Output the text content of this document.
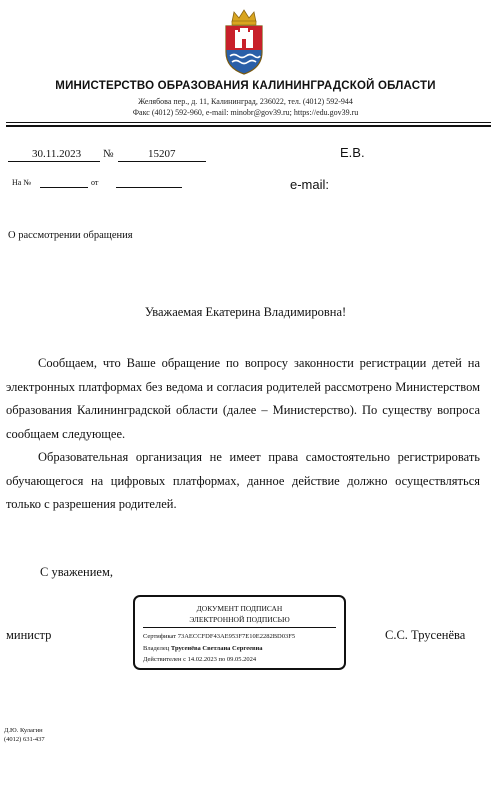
МИНИСТЕРСТВО ОБРАЗОВАНИЯ КАЛИНИНГРАДСКОЙ ОБЛАСТИ
Желябова пер., д. 11, Калининград, 236022, тел. (4012) 592-944
Факс (4012) 592-960, e-mail: minobr@gov39.ru; https://edu.gov39.ru
30.11.2023 №	15207
На №	от
Е.В.
e-mail:
О рассмотрении обращения
Уважаемая Екатерина Владимировна!

Сообщаем, что Ваше обращение по вопросу законности регистрации детей на электронных платформах без ведома и согласия родителей рассмотрено Министерством образования Калининградской области (далее – Министерство). По существу вопроса сообщаем следующее.

Образовательная организация не имеет права самостоятельно регистрировать обучающегося на цифровых платформах, данное действие должно осуществляться только с разрешения родителей.

С уважением,
министр	С.С. Трусенёва
ДОКУМЕНТ ПОДПИСАН
ЭЛЕКТРОННОЙ ПОДПИСЬЮ
Сертификат 73AECCFDF43AE953F7E10E2282BD03F5
Владелец Трусенёва Светлана Сергеевна
Действителен с 14.02.2023 по 09.05.2024
Д.Ю. Кулагин
(4012) 631-437
